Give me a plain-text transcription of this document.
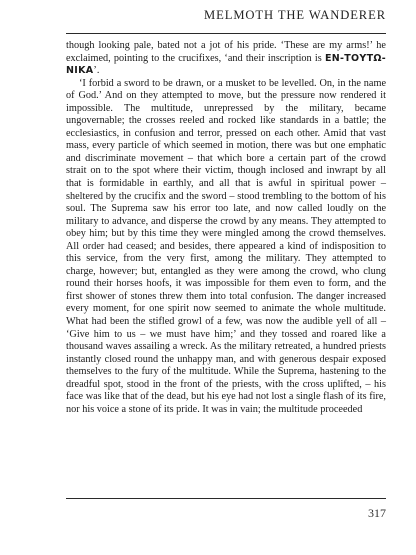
MELMOTH THE WANDERER

though looking pale, bated not a jot of his pride. ‘These are my arms!’ he exclaimed, pointing to the crucifixes, ‘and their inscription is ΕΝ-ΤΟΥΤΩ-ΝΙΚΑ’.

‘I forbid a sword to be drawn, or a musket to be levelled. On, in the name of God.’ And on they attempted to move, but the pressure now rendered it impossible. The multitude, unrepressed by the military, became ungovernable; the crosses reeled and rocked like standards in a battle; the ecclesiastics, in confusion and terror, pressed on each other. Amid that vast mass, every particle of which seemed in motion, there was but one emphatic and discriminate movement – that which bore a certain part of the crowd strait on to the spot where their victim, though inclosed and inwrapt by all that is formidable in earthly, and all that is awful in spiritual power – sheltered by the crucifix and the sword – stood trembling to the bottom of his soul. The Suprema saw his error too late, and now called loudly on the military to advance, and disperse the crowd by any means. They attempted to obey him; but by this time they were mingled among the crowd themselves. All order had ceased; and besides, there appeared a kind of indisposition to this service, from the very first, among the military. They attempted to charge, however; but, entangled as they were among the crowd, who clung round their horses hoofs, it was impossible for them even to form, and the first shower of stones threw them into total confusion. The danger increased every moment, for one spirit now seemed to animate the whole multitude. What had been the stifled growl of a few, was now the audible yell of all – ‘Give him to us – we must have him;’ and they tossed and roared like a thousand waves assailing a wreck. As the military retreated, a hundred priests instantly closed round the unhappy man, and with generous despair exposed themselves to the fury of the multitude. While the Suprema, hastening to the dreadful spot, stood in the front of the priests, with the cross uplifted, – his face was like that of the dead, but his eye had not lost a single flash of its fire, nor his voice a stone of its pride. It was in vain; the multitude proceeded

317
